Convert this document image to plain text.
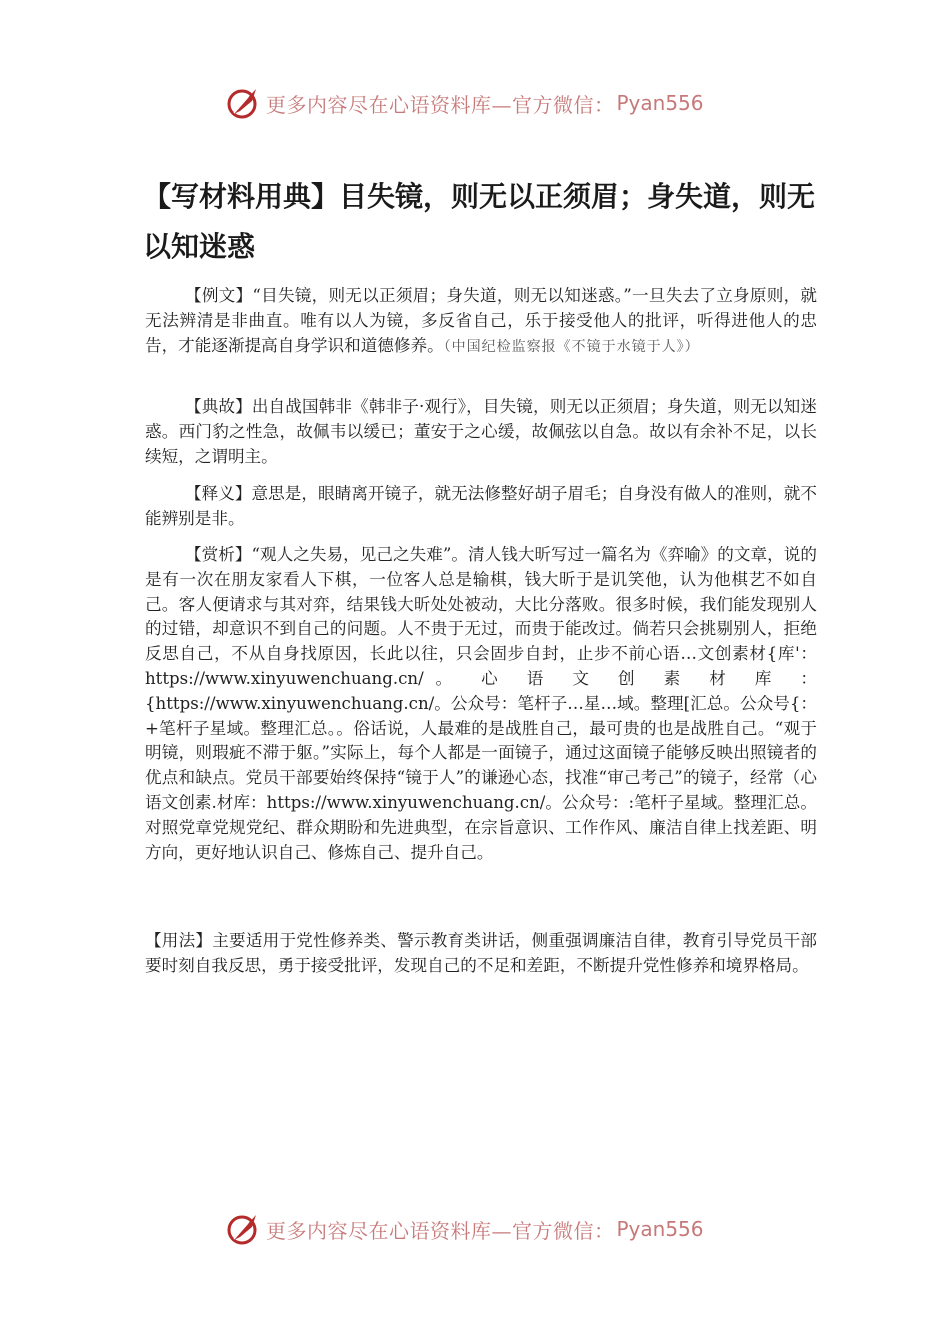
更多内容尽在心语资料库—官方微信： Pyan556
【写材料用典】目失镜，则无以正须眉；身失道，则无以知迷惑

【例文】“目失镜，则无以正须眉；身失道，则无以知迷惑。”一旦失去了立身原则，就无法辨清是非曲直。唯有以人为镜，多反省自己，乐于接受他人的批评，听得进他人的忠告，才能逐渐提高自身学识和道德修养。（中国纪检监察报《不镜于水镜于人》）

【典故】出自战国韩非《韩非子·观行》，目失镜，则无以正须眉；身失道，则无以知迷惑。西门豹之性急，故佩韦以缓已；董安于之心缓，故佩弦以自急。故以有余补不足，以长续短，之谓明主。

【释义】意思是，眼睛离开镜子，就无法修整好胡子眉毛；自身没有做人的准则，就不能辨别是非。

【赏析】“观人之失易，见己之失难”。清人钱大昕写过一篇名为《弈喻》的文章，说的是有一次在朋友家看人下棋，一位客人总是输棋，钱大昕于是讥笑他，认为他棋艺不如自己。客人便请求与其对弈，结果钱大昕处处被动，大比分落败。很多时候，我们能发现别人的过错，却意识不到自己的问题。人不贵于无过，而贵于能改过。倘若只会挑剔别人，拒绝反思自己，不从自身找原因，长此以往，只会固步自封，止步不前心语…文创素材{库'：https://www.xinyuwenchuang.cn/。 心 语 文 创 素 材 库 ： {https://www.xinyuwenchuang.cn/。公众号：笔杆子…星…域。整理[汇总。公众号{：+笔杆子星域。整理汇总。。俗话说，人最难的是战胜自己，最可贵的也是战胜自己。“观于明镜，则瑕疵不滞于躯。”实际上，每个人都是一面镜子，通过这面镜子能够反映出照镜者的优点和缺点。党员干部要始终保持“镜于人”的谦逊心态，找准“审己考己”的镜子，经常（心语文创素.材库：https://www.xinyuwenchuang.cn/。公众号：:笔杆子星域。整理汇总。对照党章党规党纪、群众期盼和先进典型，在宗旨意识、工作作风、廉洁自律上找差距、明方向，更好地认识自己、修炼自己、提升自己。

【用法】主要适用于党性修养类、警示教育类讲话，侧重强调廉洁自律，教育引导党员干部要时刻自我反思，勇于接受批评，发现自己的不足和差距，不断提升党性修养和境界格局。

更多内容尽在心语资料库—官方微信： Pyan556
